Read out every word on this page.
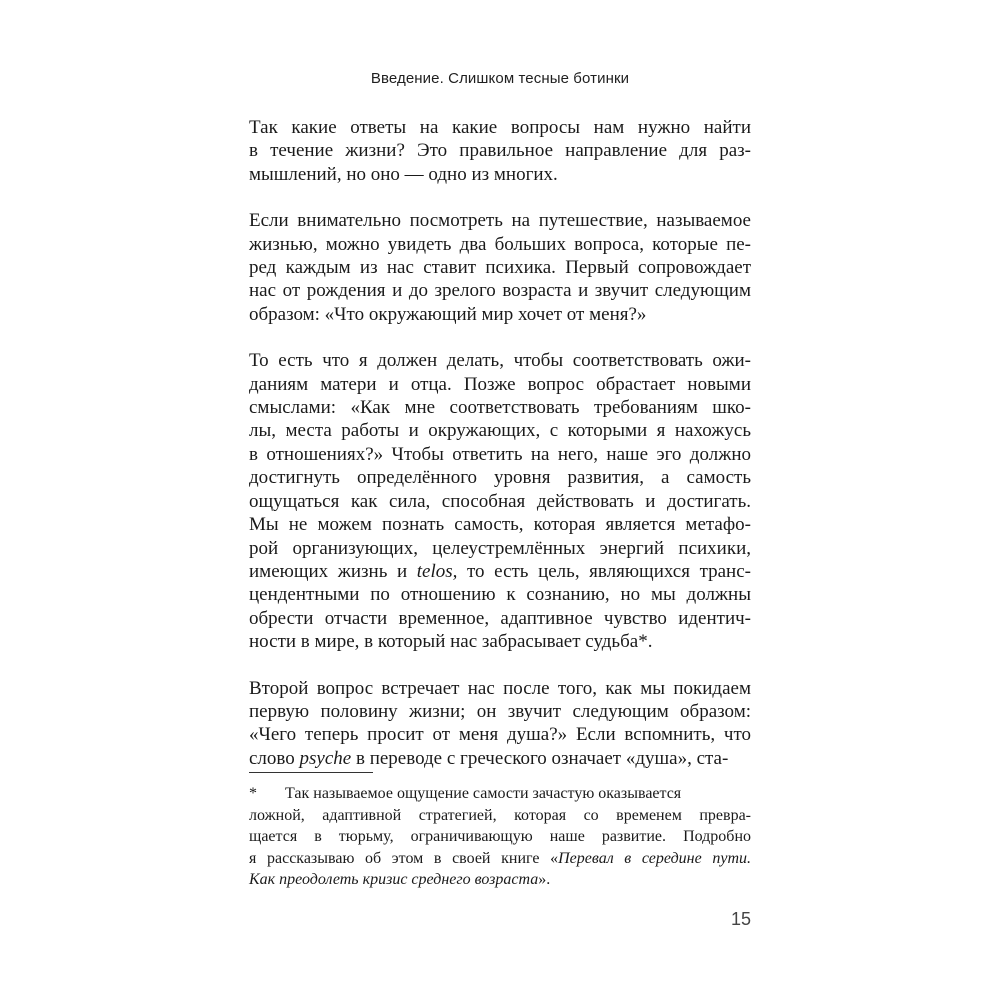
Введение. Слишком тесные ботинки
Так какие ответы на какие вопросы нам нужно найти
в течение жизни? Это правильное направление для раз-
мышлений, но оно — одно из многих.
Если внимательно посмотреть на путешествие, называемое
жизнью, можно увидеть два больших вопроса, которые пе-
ред каждым из нас ставит психика. Первый сопровождает
нас от рождения и до зрелого возраста и звучит следующим
образом: «Что окружающий мир хочет от меня?»
То есть что я должен делать, чтобы соответствовать ожи-
даниям матери и отца. Позже вопрос обрастает новыми
смыслами: «Как мне соответствовать требованиям шко-
лы, места работы и окружающих, с которыми я нахожусь
в отношениях?» Чтобы ответить на него, наше эго должно
достигнуть определённого уровня развития, а самость
ощущаться как сила, способная действовать и достигать.
Мы не можем познать самость, которая является метафо-
рой организующих, целеустремлённых энергий психики,
имеющих жизнь и telos, то есть цель, являющихся транс-
цендентными по отношению к сознанию, но мы должны
обрести отчасти временное, адаптивное чувство идентич-
ности в мире, в который нас забрасывает судьба*.
Второй вопрос встречает нас после того, как мы покидаем
первую половину жизни; он звучит следующим образом:
«Чего теперь просит от меня душа?» Если вспомнить, что
слово psyche в переводе с греческого означает «душа», ста-
* Так называемое ощущение самости зачастую оказывается
ложной, адаптивной стратегией, которая со временем превра-
щается в тюрьму, ограничивающую наше развитие. Подробно
я рассказываю об этом в своей книге «Перевал в середине пути.
Как преодолеть кризис среднего возраста».
15
